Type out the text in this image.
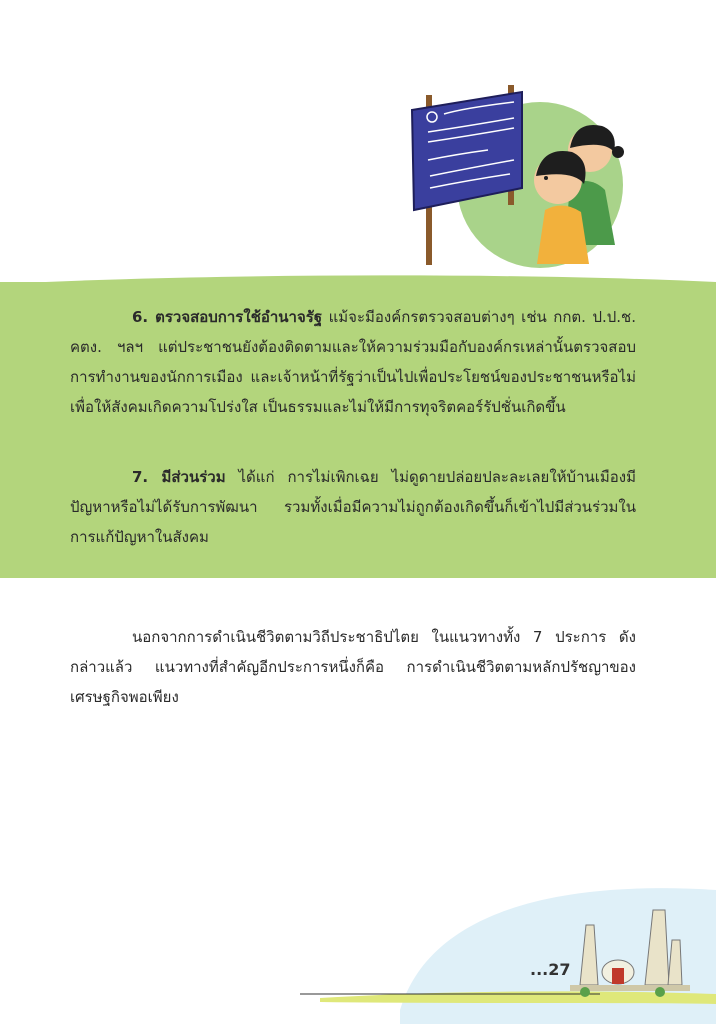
6. ตรวจสอบการใช้อำนาจรัฐ แม้จะมีองค์กรตรวจสอบต่างๆ เช่น กกต. ป.ป.ช. คตง. ฯลฯ แต่ประชาชนยังต้องติดตามและให้ความร่วมมือกับองค์กรเหล่านั้นตรวจสอบการทำงานของนักการเมือง และเจ้าหน้าที่รัฐว่าเป็นไปเพื่อประโยชน์ของประชาชนหรือไม่ เพื่อให้สังคมเกิดความโปร่งใส เป็นธรรมและไม่ให้มีการทุจริตคอร์รัปชั่นเกิดขึ้น
7. มีส่วนร่วม ได้แก่ การไม่เพิกเฉย ไม่ดูดายปล่อยปละละเลยให้บ้านเมืองมีปัญหาหรือไม่ได้รับการพัฒนา รวมทั้งเมื่อมีความไม่ถูกต้องเกิดขึ้นก็เข้าไปมีส่วนร่วมในการแก้ปัญหาในสังคม
นอกจากการดำเนินชีวิตตามวิถีประชาธิปไตย ในแนวทางทั้ง 7 ประการ ดังกล่าวแล้ว แนวทางที่สำคัญอีกประการหนึ่งก็คือ การดำเนินชีวิตตามหลักปรัชญาของเศรษฐกิจพอเพียง
...27
